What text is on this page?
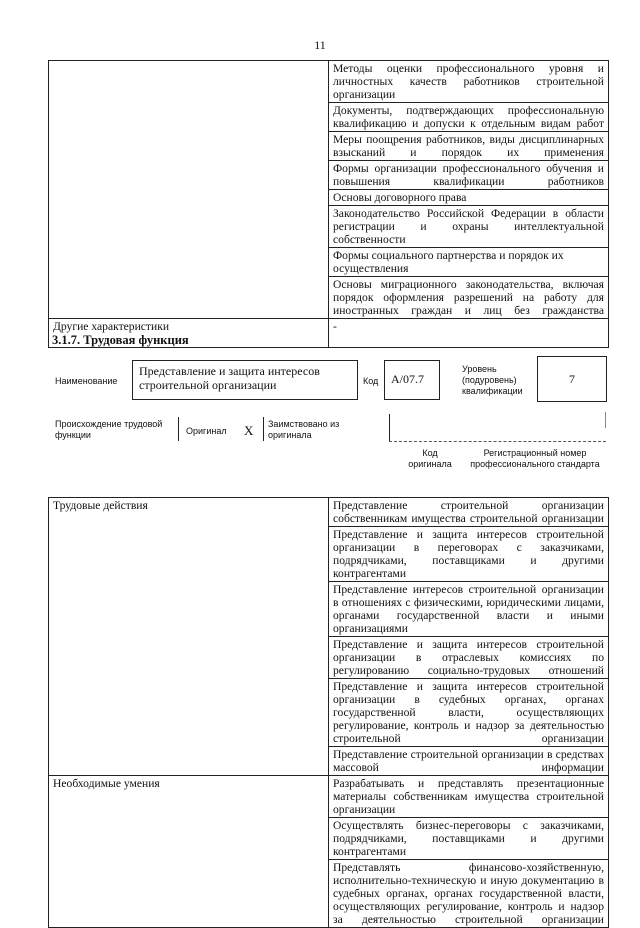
11
	Методы оценки профессионального уровня и личностных качеств работников строительной организации
	Документы, подтверждающих профессиональную квалификацию и допуски к отдельным видам работ
	Меры поощрения работников, виды дисциплинарных взысканий и порядок их применения
	Формы организации профессионального обучения и повышения квалификации работников
	Основы договорного права
	Законодательство Российской Федерации в области регистрации и охраны интеллектуальной собственности
	Формы социального партнерства и порядок их осуществления
	Основы миграционного законодательства, включая порядок оформления разрешений на работу для иностранных граждан и лиц без гражданства
Другие характеристики	-
3.1.7. Трудовая функция
Наименование
Представление и защита интересов строительной организации	Код	A/07.7
Уровень (подуровень) квалификации
7
Происхождение трудовой функции	Оригинал X Заимствовано из оригинала
Код оригинала
Регистрационный номер профессионального стандарта
Трудовые действия	Представление строительной организации собственникам имущества строительной организации
	Представление и защита интересов строительной организации в переговорах с заказчиками, подрядчиками, поставщиками и другими контрагентами
	Представление интересов строительной организации в отношениях с физическими, юридическими лицами, органами государственной власти и иными организациями
	Представление и защита интересов строительной организации в отраслевых комиссиях по регулированию социально-трудовых отношений
	Представление и защита интересов строительной организации в судебных органах, органах государственной власти, осуществляющих регулирование, контроль и надзор за деятельностью строительной организации
	Представление строительной организации в средствах массовой информации
Необходимые умения	Разрабатывать и представлять презентационные материалы собственникам имущества строительной организации
	Осуществлять бизнес-переговоры с заказчиками, подрядчиками, поставщиками и другими контрагентами
	Представлять финансово-хозяйственную, исполнительно-техническую и иную документацию в судебных органах, органах государственной власти, осуществляющих регулирование, контроль и надзор за деятельностью строительной организации
